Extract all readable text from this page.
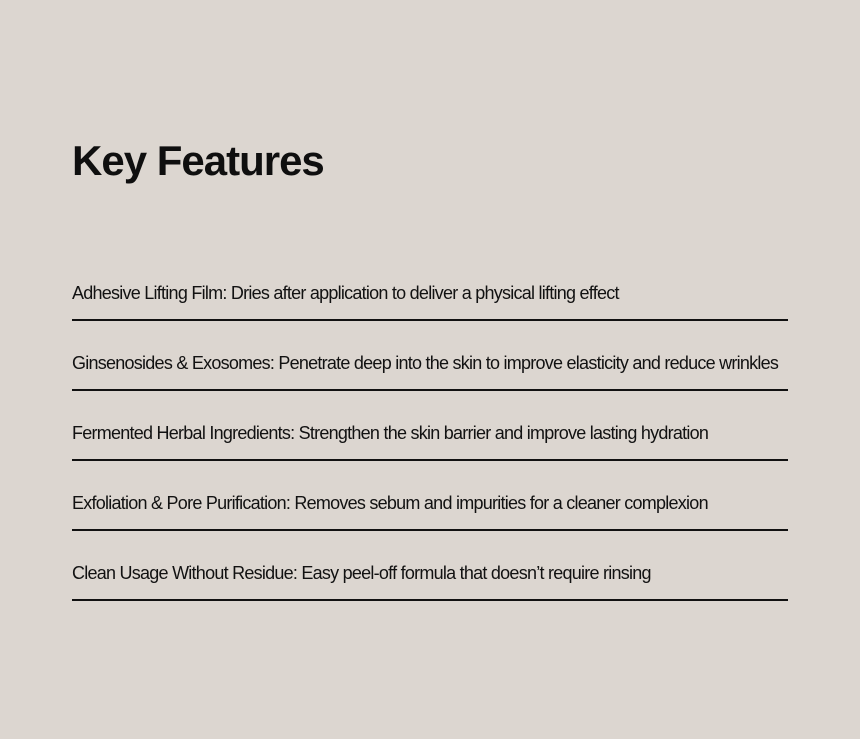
Key Features
Adhesive Lifting Film: Dries after application to deliver a physical lifting effect
Ginsenosides & Exosomes: Penetrate deep into the skin to improve elasticity and reduce wrinkles
Fermented Herbal Ingredients: Strengthen the skin barrier and improve lasting hydration
Exfoliation & Pore Purification: Removes sebum and impurities for a cleaner complexion
Clean Usage Without Residue: Easy peel-off formula that doesn’t require rinsing
